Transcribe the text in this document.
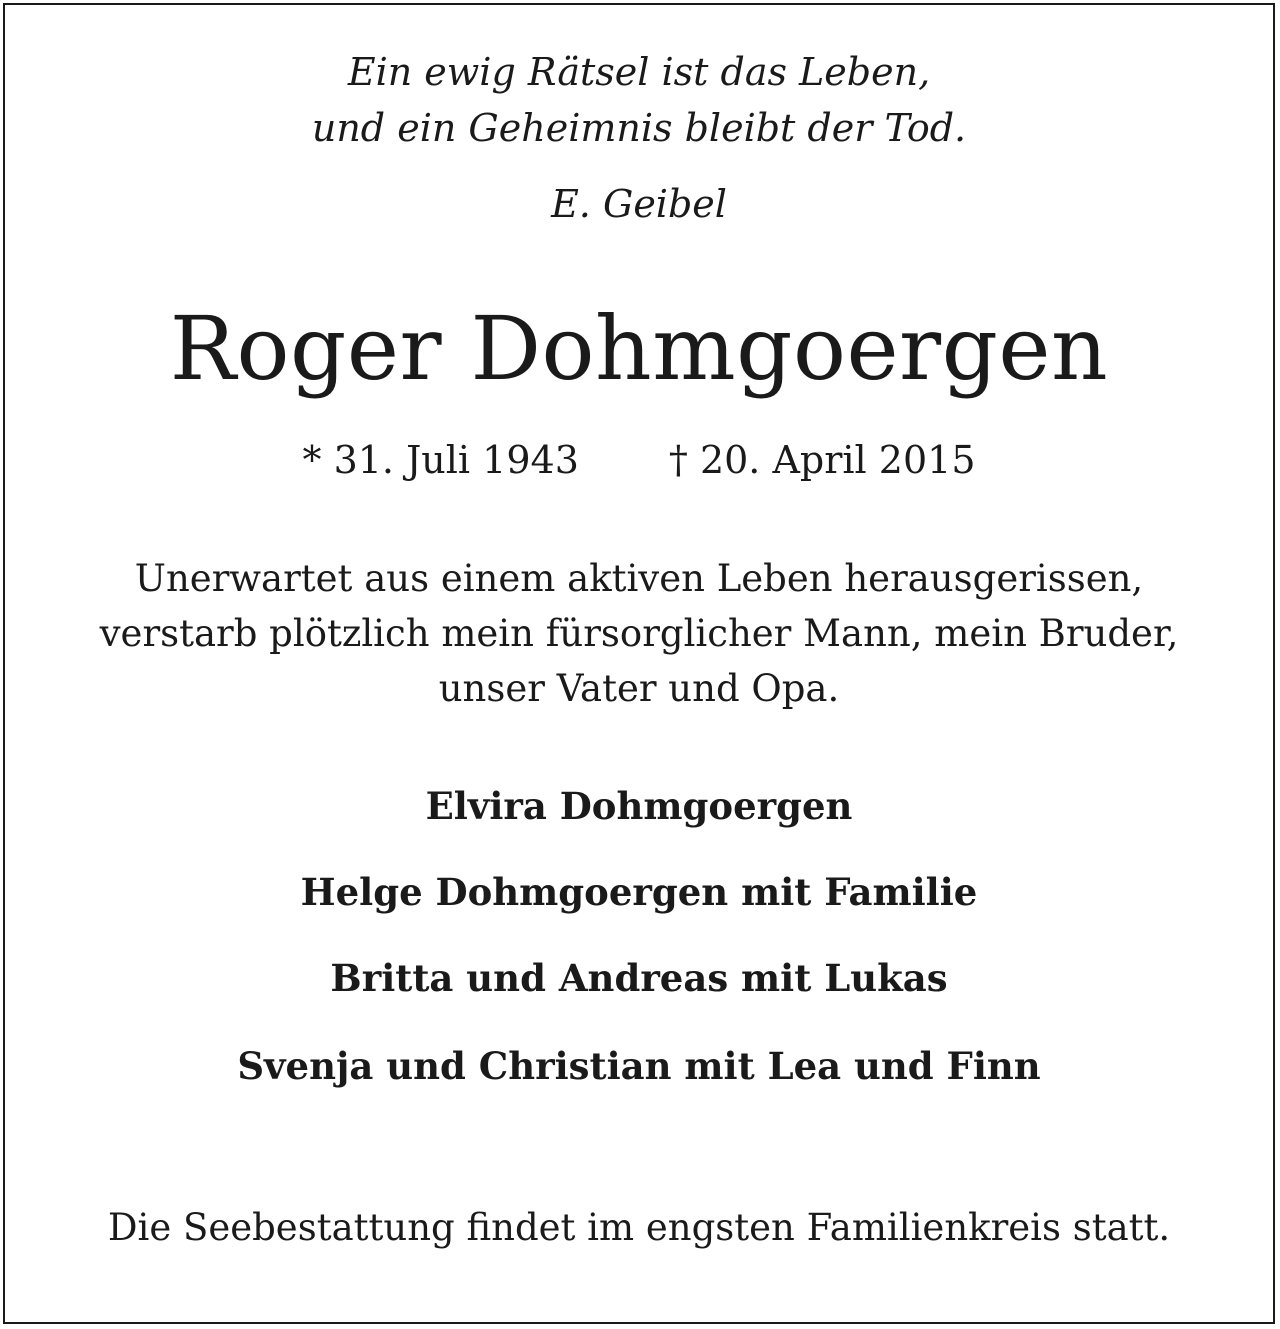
Ein ewig Rätsel ist das Leben,
und ein Geheimnis bleibt der Tod.
E. Geibel
Roger Dohmgoergen
* 31. Juli 1943 † 20. April 2015
Unerwartet aus einem aktiven Leben herausgerissen,
verstarb plötzlich mein fürsorglicher Mann, mein Bruder,
unser Vater und Opa.
Elvira Dohmgoergen
Helge Dohmgoergen mit Familie
Britta und Andreas mit Lukas
Svenja und Christian mit Lea und Finn
Die Seebestattung findet im engsten Familienkreis statt.
